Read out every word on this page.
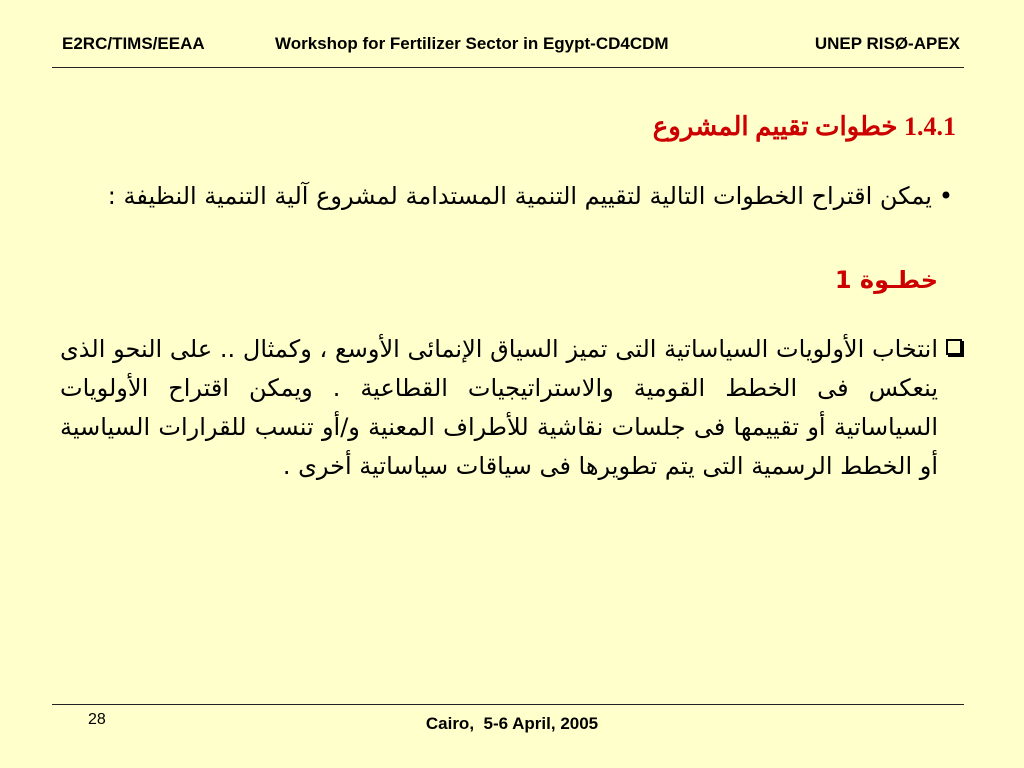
E2RC/TIMS/EEAA	Workshop for Fertilizer Sector in Egypt-CD4CDM	UNEP RISØ-APEX
1.4.1 خطوات تقييم المشروع
•
يمكن اقتراح الخطوات التالية لتقييم التنمية المستدامة لمشروع آلية التنمية النظيفة :
خطـوة 1
انتخاب الأولويات السياساتية التى تميز السياق الإنمائى الأوسع ، وكمثال .. على النحو الذى ينعكس فى الخطط القومية والاستراتيجيات القطاعية . ويمكن اقتراح الأولويات السياساتية أو تقييمها فى جلسات نقاشية للأطراف المعنية و/أو تنسب للقرارات السياسية أو الخطط الرسمية التى يتم تطويرها فى سياقات سياساتية أخرى .
28	Cairo,  5-6 April, 2005
